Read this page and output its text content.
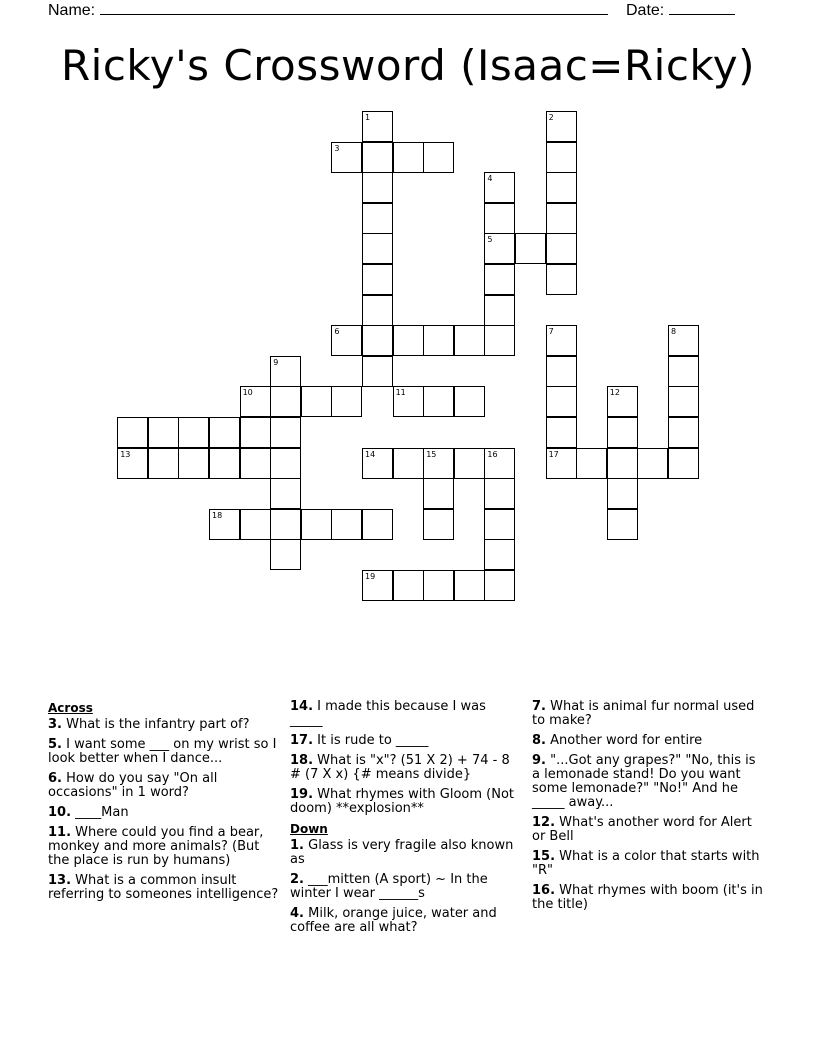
Name:	Date:
Ricky's Crossword (Isaac=Ricky)
1	2
3
4
5
6	7	8
9
10	11	12
13	14	15	16	17
18
19
Across
3. What is the infantry part of?
5. I want some ___ on my wrist so I look better when I dance...
6. How do you say "On all occasions" in 1 word?
10. ____Man
11. Where could you find a bear, monkey and more animals? (But the place is run by humans)
13. What is a common insult referring to someones intelligence?
14. I made this because I was _____
17. It is rude to _____
18. What is "x"? (51 X 2) + 74 - 8 # (7 X x) {# means divide}
19. What rhymes with Gloom (Not doom) **explosion**
Down
1. Glass is very fragile also known as
2. ___mitten (A sport) ~ In the winter I wear ______s
4. Milk, orange juice, water and coffee are all what?
7. What is animal fur normal used to make?
8. Another word for entire
9. "...Got any grapes?" "No, this is a lemonade stand! Do you want some lemonade?" "No!" And he _____ away...
12. What's another word for Alert or Bell
15. What is a color that starts with "R"
16. What rhymes with boom (it's in the title)
